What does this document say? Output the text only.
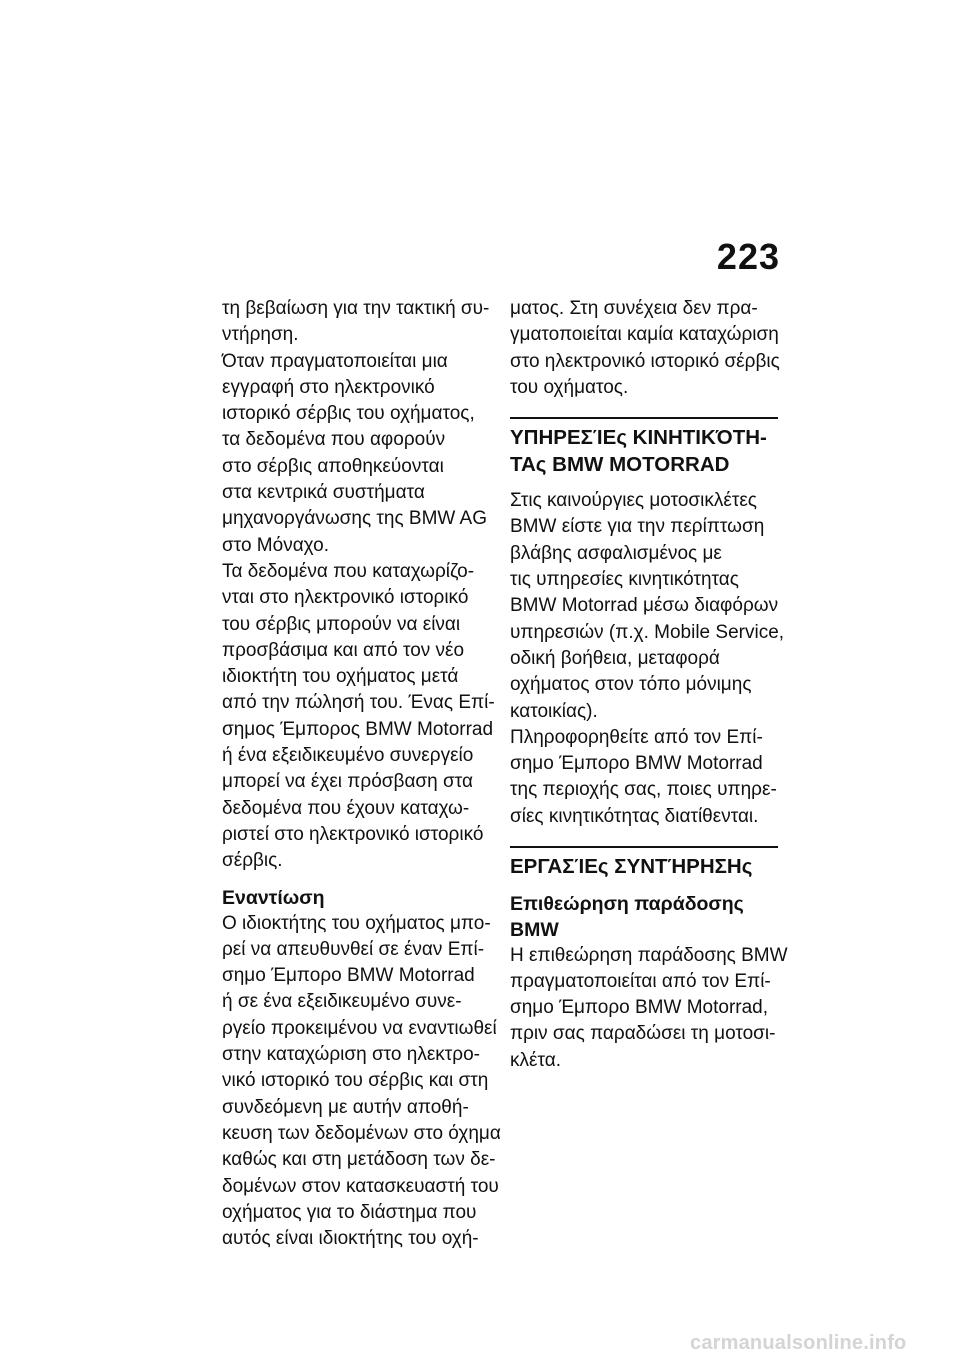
223
τη βεβαίωση για την τακτική συ-
ντήρηση.
Όταν πραγματοποιείται μια
εγγραφή στο ηλεκτρονικό
ιστορικό σέρβις του οχήματος,
τα δεδομένα που αφορούν
στο σέρβις αποθηκεύονται
στα κεντρικά συστήματα
μηχανοργάνωσης της BMW AG
στο Μόναχο.
Τα δεδομένα που καταχωρίζο-
νται στο ηλεκτρονικό ιστορικό
του σέρβις μπορούν να είναι
προσβάσιμα και από τον νέο
ιδιοκτήτη του οχήματος μετά
από την πώλησή του. Ένας Επί-
σημος Έμπορος BMW Motorrad
ή ένα εξειδικευμένο συνεργείο
μπορεί να έχει πρόσβαση στα
δεδομένα που έχουν καταχω-
ριστεί στο ηλεκτρονικό ιστορικό
σέρβις.
Εναντίωση
Ο ιδιοκτήτης του οχήματος μπο-
ρεί να απευθυνθεί σε έναν Επί-
σημο Έμπορο BMW Motorrad
ή σε ένα εξειδικευμένο συνε-
ργείο προκειμένου να εναντιωθεί
στην καταχώριση στο ηλεκτρο-
νικό ιστορικό του σέρβις και στη
συνδεόμενη με αυτήν αποθή-
κευση των δεδομένων στο όχημα
καθώς και στη μετάδοση των δε-
δομένων στον κατασκευαστή του
οχήματος για το διάστημα που
αυτός είναι ιδιοκτήτης του οχή-
ματος. Στη συνέχεια δεν πρα-
γματοποιείται καμία καταχώριση
στο ηλεκτρονικό ιστορικό σέρβις
του οχήματος.
ΥΠΗΡΕΣΊΕς ΚΙΝΗΤΙΚΌΤΗ-
ΤΑς BMW MOTORRAD
Στις καινούργιες μοτοσικλέτες
BMW είστε για την περίπτωση
βλάβης ασφαλισμένος με
τις υπηρεσίες κινητικότητας
BMW Motorrad μέσω διαφόρων
υπηρεσιών (π.χ. Mobile Service,
οδική βοήθεια, μεταφορά
οχήματος στον τόπο μόνιμης
κατοικίας).
Πληροφορηθείτε από τον Επί-
σημο Έμπορο BMW Motorrad
της περιοχής σας, ποιες υπηρε-
σίες κινητικότητας διατίθενται.
ΕΡΓΑΣΊΕς ΣΥΝΤΉΡΗΣΗς
Επιθεώρηση παράδοσης
BMW
Η επιθεώρηση παράδοσης BMW
πραγματοποιείται από τον Επί-
σημο Έμπορο BMW Motorrad,
πριν σας παραδώσει τη μοτοσι-
κλέτα.
carmanualsonline.info
